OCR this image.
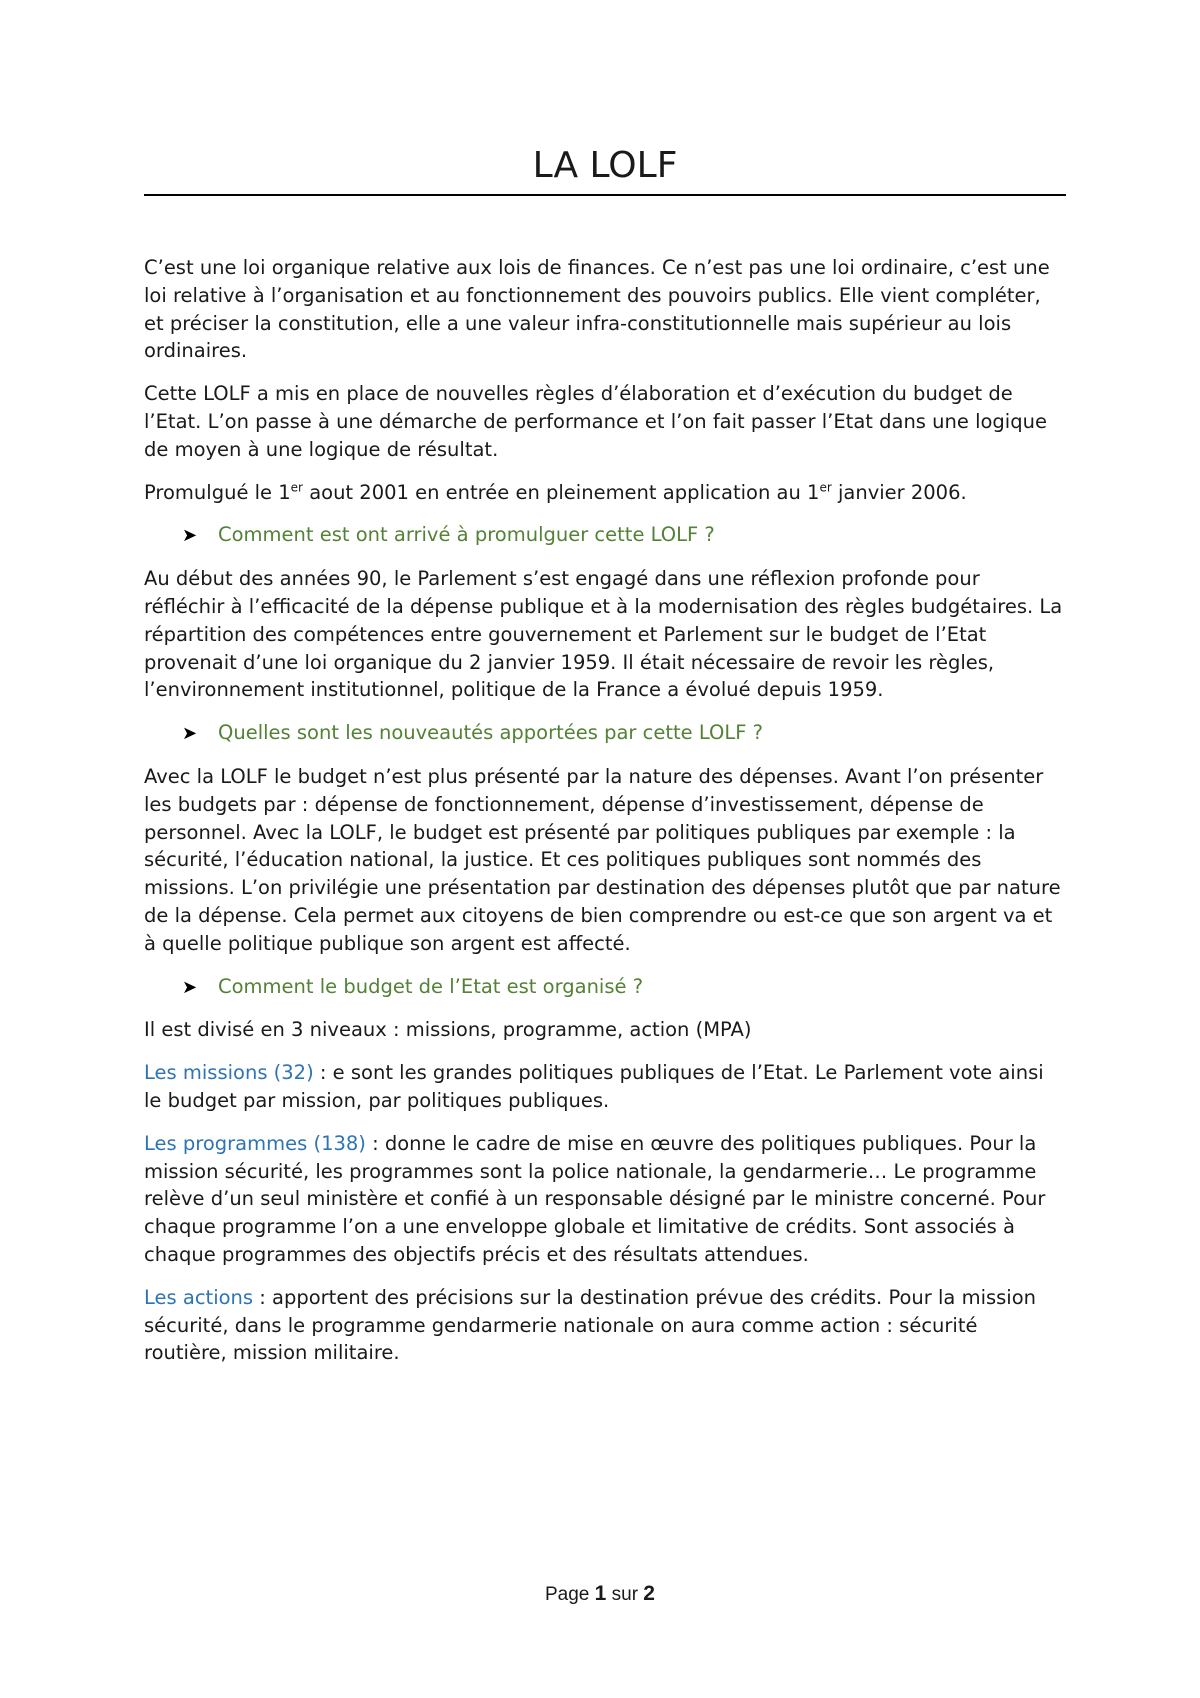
LA LOLF

C’est une loi organique relative aux lois de finances. Ce n’est pas une loi ordinaire, c’est une loi relative à l’organisation et au fonctionnement des pouvoirs publics. Elle vient compléter, et préciser la constitution, elle a une valeur infra-constitutionnelle mais supérieur au lois ordinaires.

Cette LOLF a mis en place de nouvelles règles d’élaboration et d’exécution du budget de l’Etat. L’on passe à une démarche de performance et l’on fait passer l’Etat dans une logique de moyen à une logique de résultat.

Promulgué le 1er aout 2001 en entrée en pleinement application au 1er janvier 2006.

➤	Comment est ont arrivé à promulguer cette LOLF ?

Au début des années 90, le Parlement s’est engagé dans une réflexion profonde pour réfléchir à l’efficacité de la dépense publique et à la modernisation des règles budgétaires. La répartition des compétences entre gouvernement et Parlement sur le budget de l’Etat provenait d’une loi organique du 2 janvier 1959. Il était nécessaire de revoir les règles, l’environnement institutionnel, politique de la France a évolué depuis 1959.

➤	Quelles sont les nouveautés apportées par cette LOLF ?

Avec la LOLF le budget n’est plus présenté par la nature des dépenses. Avant l’on présenter les budgets par : dépense de fonctionnement, dépense d’investissement, dépense de personnel. Avec la LOLF, le budget est présenté par politiques publiques par exemple : la sécurité, l’éducation national, la justice. Et ces politiques publiques sont nommés des missions. L’on privilégie une présentation par destination des dépenses plutôt que par nature de la dépense. Cela permet aux citoyens de bien comprendre ou est-ce que son argent va et à quelle politique publique son argent est affecté.

➤	Comment le budget de l’Etat est organisé ?

Il est divisé en 3 niveaux : missions, programme, action (MPA)

Les missions (32) : e sont les grandes politiques publiques de l’Etat. Le Parlement vote ainsi le budget par mission, par politiques publiques.

Les programmes (138) : donne le cadre de mise en œuvre des politiques publiques. Pour la mission sécurité, les programmes sont la police nationale, la gendarmerie… Le programme relève d’un seul ministère et confié à un responsable désigné par le ministre concerné. Pour chaque programme l’on a une enveloppe globale et limitative de crédits. Sont associés à chaque programmes des objectifs précis et des résultats attendues.

Les actions : apportent des précisions sur la destination prévue des crédits. Pour la mission sécurité, dans le programme gendarmerie nationale on aura comme action : sécurité routière, mission militaire.

Page 1 sur 2
